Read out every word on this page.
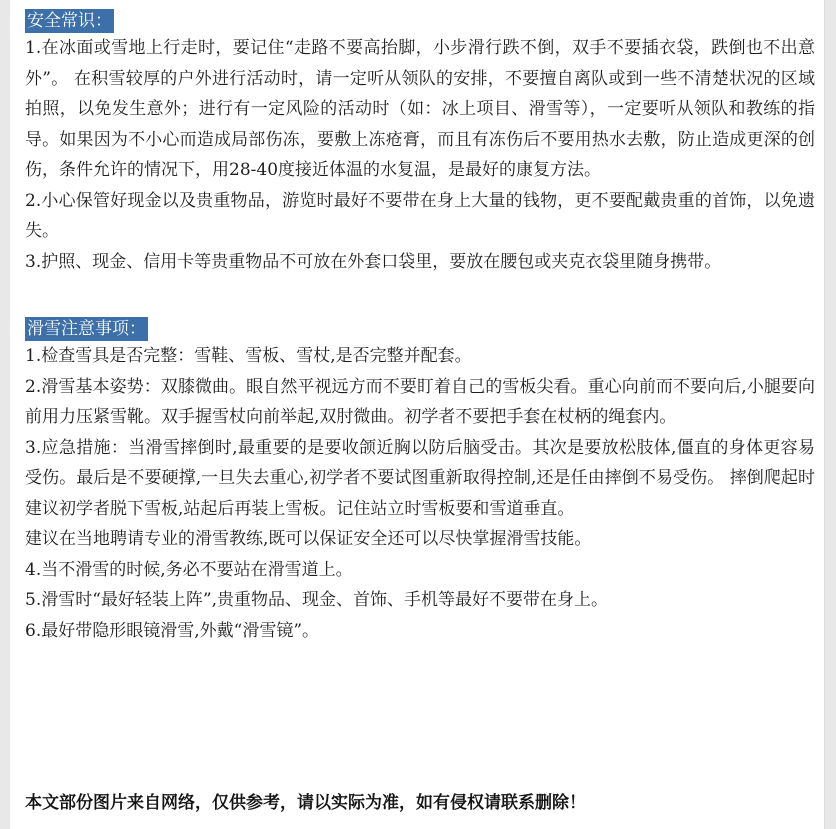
安全常识：

1.在冰面或雪地上行走时，要记住“走路不要高抬脚，小步滑行跌不倒，双手不要插衣袋，跌倒也不出意外”。 在积雪较厚的户外进行活动时，请一定听从领队的安排，不要擅自离队或到一些不清楚状况的区域拍照，以免发生意外；进行有一定风险的活动时（如：冰上项目、滑雪等），一定要听从领队和教练的指导。如果因为不小心而造成局部伤冻，要敷上冻疮膏，而且有冻伤后不要用热水去敷，防止造成更深的创伤，条件允许的情况下，用28-40度接近体温的水复温，是最好的康复方法。

2.小心保管好现金以及贵重物品，游览时最好不要带在身上大量的钱物，更不要配戴贵重的首饰，以免遗失。

3.护照、现金、信用卡等贵重物品不可放在外套口袋里，要放在腰包或夹克衣袋里随身携带。

滑雪注意事项：

1.检查雪具是否完整：雪鞋、雪板、雪杖,是否完整并配套。

2.滑雪基本姿势：双膝微曲。眼自然平视远方而不要盯着自己的雪板尖看。重心向前而不要向后,小腿要向前用力压紧雪靴。双手握雪杖向前举起,双肘微曲。初学者不要把手套在杖柄的绳套内。

3.应急措施：当滑雪摔倒时,最重要的是要收颌近胸以防后脑受击。其次是要放松肢体,僵直的身体更容易受伤。最后是不要硬撑,一旦失去重心,初学者不要试图重新取得控制,还是任由摔倒不易受伤。 摔倒爬起时建议初学者脱下雪板,站起后再装上雪板。记住站立时雪板要和雪道垂直。

建议在当地聘请专业的滑雪教练,既可以保证安全还可以尽快掌握滑雪技能。

4.当不滑雪的时候,务必不要站在滑雪道上。

5.滑雪时“最好轻装上阵”,贵重物品、现金、首饰、手机等最好不要带在身上。

6.最好带隐形眼镜滑雪,外戴“滑雪镜”。

本文部份图片来自网络，仅供参考，请以实际为准，如有侵权请联系删除！
